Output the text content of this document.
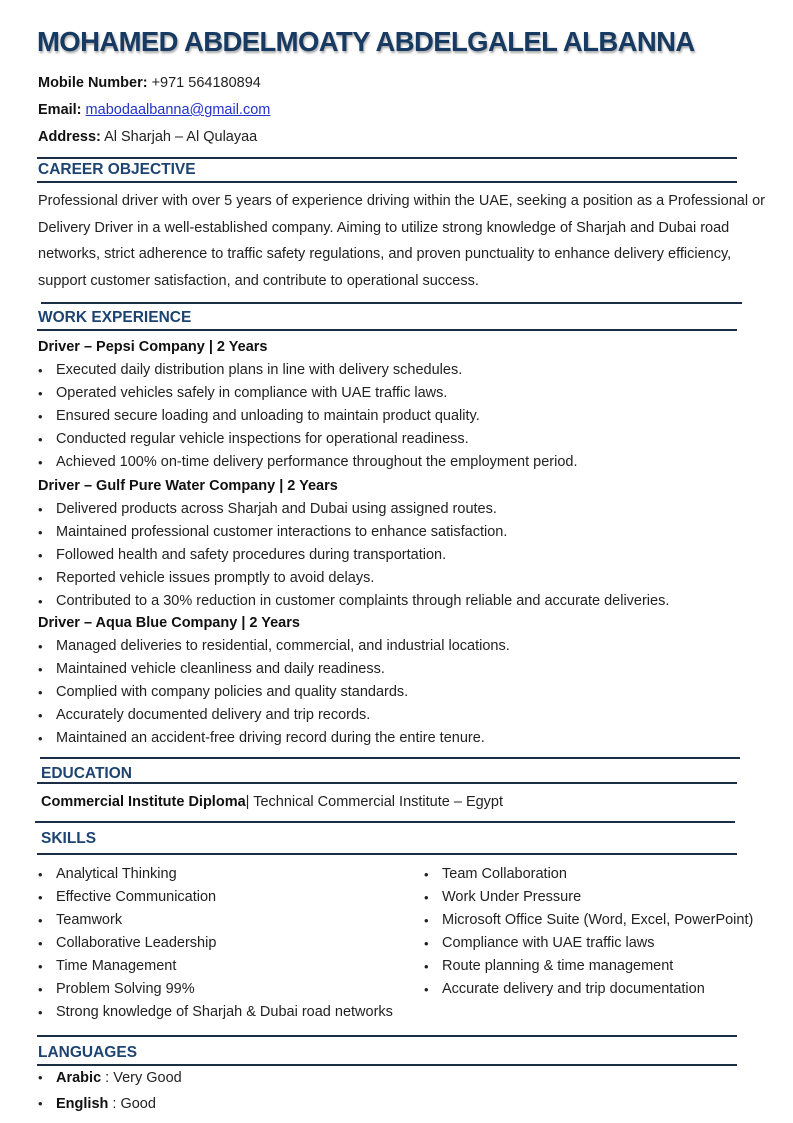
MOHAMED ABDELMOATY ABDELGALEL ALBANNA
Mobile Number: +971 564180894
Email: mabodaalbanna@gmail.com
Address: Al Sharjah – Al Qulayaa
CAREER OBJECTIVE
Professional driver with over 5 years of experience driving within the UAE, seeking a position as a Professional or Delivery Driver in a well-established company. Aiming to utilize strong knowledge of Sharjah and Dubai road networks, strict adherence to traffic safety regulations, and proven punctuality to enhance delivery efficiency, support customer satisfaction, and contribute to operational success.
WORK EXPERIENCE
Driver – Pepsi Company | 2 Years
• Executed daily distribution plans in line with delivery schedules.
• Operated vehicles safely in compliance with UAE traffic laws.
• Ensured secure loading and unloading to maintain product quality.
• Conducted regular vehicle inspections for operational readiness.
• Achieved 100% on-time delivery performance throughout the employment period.
Driver – Gulf Pure Water Company | 2 Years
• Delivered products across Sharjah and Dubai using assigned routes.
• Maintained professional customer interactions to enhance satisfaction.
• Followed health and safety procedures during transportation.
• Reported vehicle issues promptly to avoid delays.
• Contributed to a 30% reduction in customer complaints through reliable and accurate deliveries.
Driver – Aqua Blue Company | 2 Years
• Managed deliveries to residential, commercial, and industrial locations.
• Maintained vehicle cleanliness and daily readiness.
• Complied with company policies and quality standards.
• Accurately documented delivery and trip records.
• Maintained an accident-free driving record during the entire tenure.
EDUCATION
Commercial Institute Diploma| Technical Commercial Institute – Egypt
SKILLS
• Analytical Thinking
• Effective Communication
• Teamwork
• Collaborative Leadership
• Time Management
• Problem Solving 99%
• Strong knowledge of Sharjah & Dubai road networks
• Team Collaboration
• Work Under Pressure
• Microsoft Office Suite (Word, Excel, PowerPoint)
• Compliance with UAE traffic laws
• Route planning & time management
• Accurate delivery and trip documentation
LANGUAGES
• Arabic : Very Good
• English : Good
